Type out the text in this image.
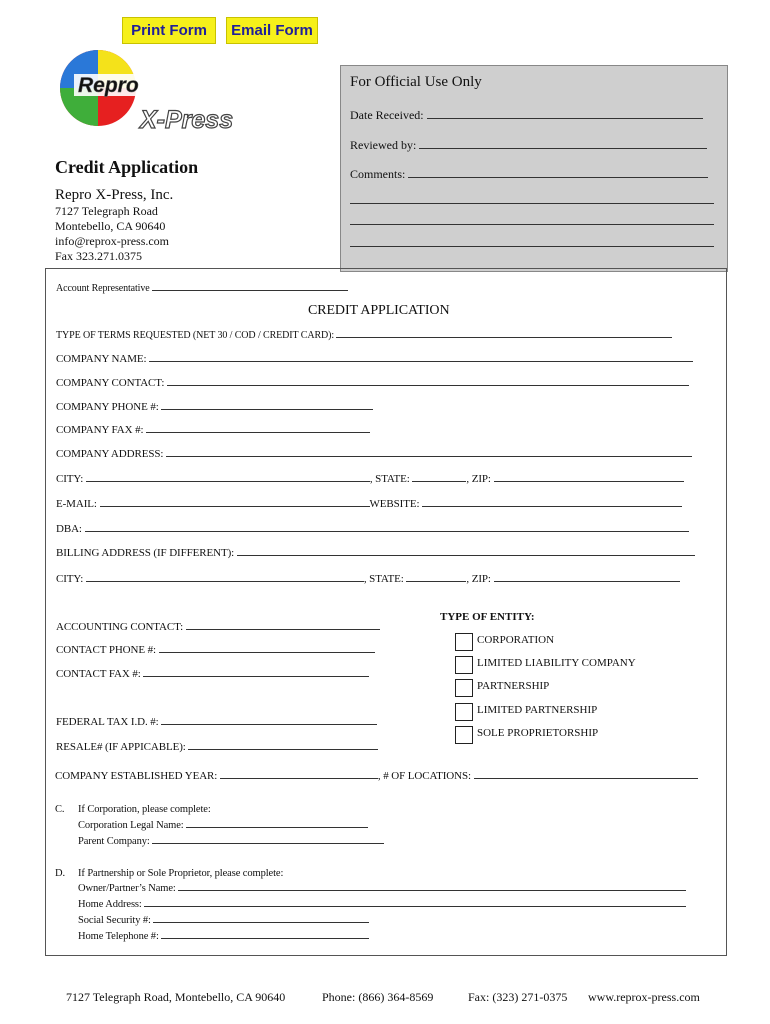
Print Form	Email Form
Repro
X-Press
For Official Use Only
Date Received:
Reviewed by:
Comments:
Credit Application
Repro X-Press, Inc.
7127 Telegraph Road
Montebello, CA 90640
info@reprox-press.com
Fax 323.271.0375
Account Representative
CREDIT APPLICATION
TYPE OF TERMS REQUESTED (NET 30 / COD / CREDIT CARD):
COMPANY NAME:
COMPANY CONTACT:
COMPANY PHONE #:
COMPANY FAX #:
COMPANY ADDRESS:
CITY:	, STATE:	, ZIP:
E-MAIL:	WEBSITE:
DBA:
BILLING ADDRESS (IF DIFFERENT):
CITY:	, STATE:	, ZIP:
ACCOUNTING CONTACT:
CONTACT PHONE #:
CONTACT FAX #:
FEDERAL TAX I.D. #:
RESALE# (IF APPICABLE):
TYPE OF ENTITY:
CORPORATION
LIMITED LIABILITY COMPANY
PARTNERSHIP
LIMITED PARTNERSHIP
SOLE PROPRIETORSHIP
COMPANY ESTABLISHED YEAR:	, # OF LOCATIONS:
C. If Corporation, please complete:
Corporation Legal Name:
Parent Company:
D. If Partnership or Sole Proprietor, please complete:
Owner/Partner’s Name:
Home Address:
Social Security #:
Home Telephone #:
7127 Telegraph Road, Montebello, CA 90640	Phone: (866) 364-8569	Fax: (323) 271-0375 www.reprox-press.com
